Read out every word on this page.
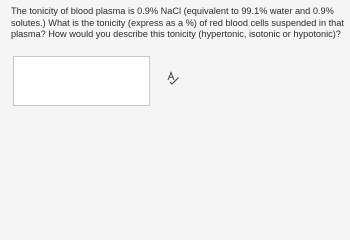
The tonicity of blood plasma is 0.9% NaCl (equivalent to 99.1% water and 0.9% solutes.) What is the tonicity (express as a %) of red blood cells suspended in that plasma? How would you describe this tonicity (hypertonic, isotonic or hypotonic)?
